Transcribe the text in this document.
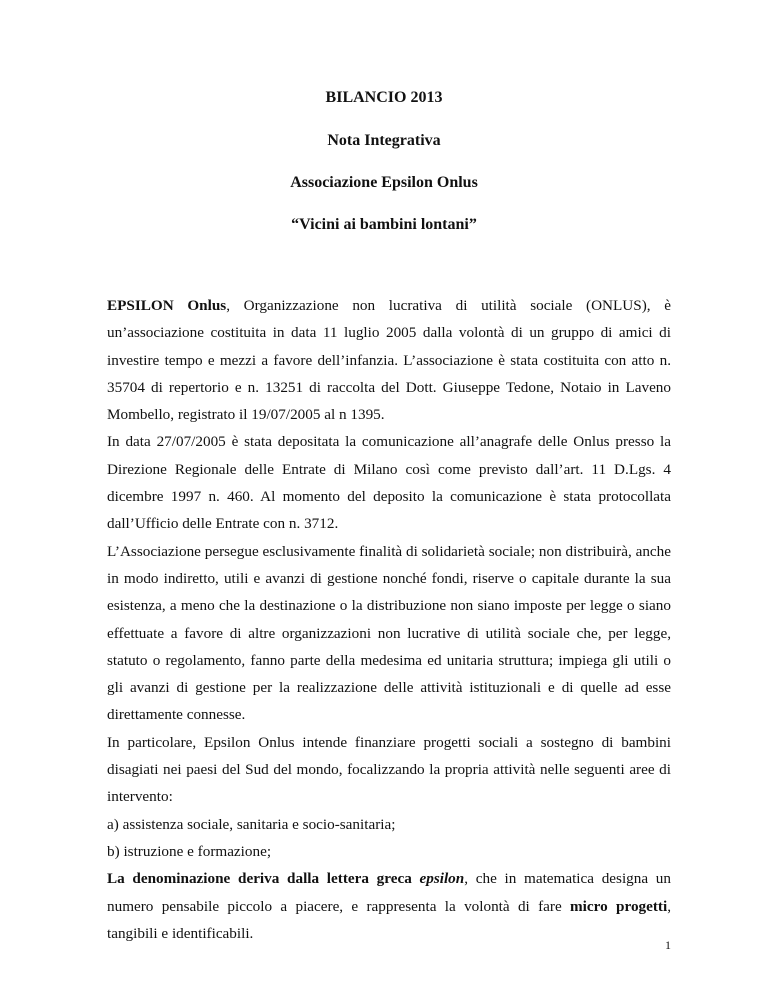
BILANCIO 2013
Nota Integrativa
Associazione Epsilon Onlus
“Vicini ai bambini lontani”

EPSILON Onlus, Organizzazione non lucrativa di utilità sociale (ONLUS), è un’associazione costituita in data 11 luglio 2005 dalla volontà di un gruppo di amici di investire tempo e mezzi a favore dell’infanzia. L’associazione è stata costituita con atto n. 35704 di repertorio e n. 13251 di raccolta del Dott. Giuseppe Tedone, Notaio in Laveno Mombello, registrato il 19/07/2005 al n 1395.

In data 27/07/2005 è stata depositata la comunicazione all’anagrafe delle Onlus presso la Direzione Regionale delle Entrate di Milano così come previsto dall’art. 11 D.Lgs. 4 dicembre 1997 n. 460. Al momento del deposito la comunicazione è stata protocollata dall’Ufficio delle Entrate con n. 3712.

L’Associazione persegue esclusivamente finalità di solidarietà sociale; non distribuirà, anche in modo indiretto, utili e avanzi di gestione nonché fondi, riserve o capitale durante la sua esistenza, a meno che la destinazione o la distribuzione non siano imposte per legge o siano effettuate a favore di altre organizzazioni non lucrative di utilità sociale che, per legge, statuto o regolamento, fanno parte della medesima ed unitaria struttura; impiega gli utili o gli avanzi di gestione per la realizzazione delle attività istituzionali e di quelle ad esse direttamente connesse.

In particolare, Epsilon Onlus intende finanziare progetti sociali a sostegno di bambini disagiati nei paesi del Sud del mondo, focalizzando la propria attività nelle seguenti aree di intervento:

a) assistenza sociale, sanitaria e socio-sanitaria;

b) istruzione e formazione;

La denominazione deriva dalla lettera greca epsilon, che in matematica designa un numero pensabile piccolo a piacere, e rappresenta la volontà di fare micro progetti, tangibili e identificabili.

1
